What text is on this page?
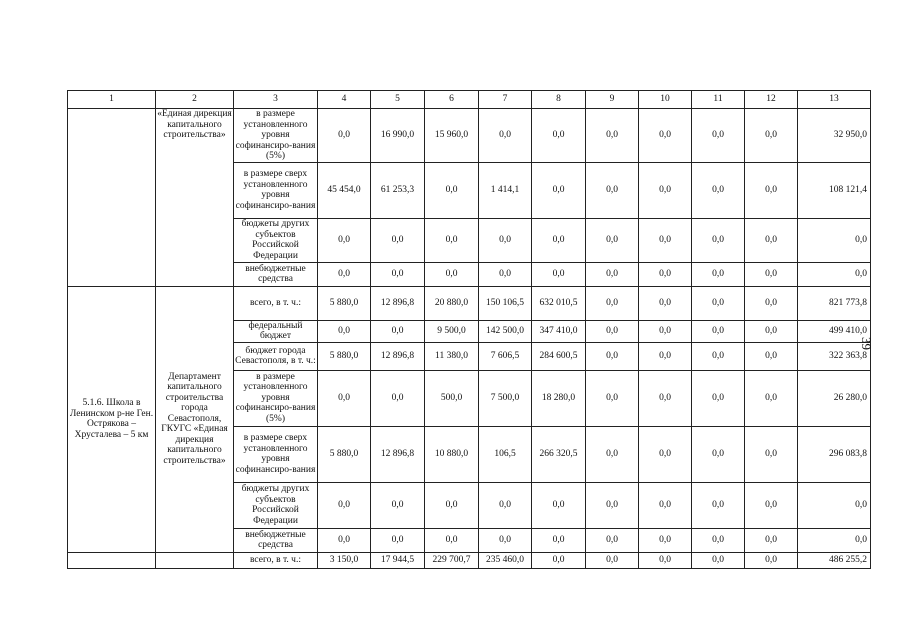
1	2	3	4	5	6	7	8	9	10	11	12	13
	«Единая дирекция капитального строительства»	в размере установленного уровня софинансиро-вания (5%)	0,0	16 990,0	15 960,0	0,0	0,0	0,0	0,0	0,0	0,0	32 950,0
		в размере сверх установленного уровня софинансиро-вания	45 454,0	61 253,3	0,0	1 414,1	0,0	0,0	0,0	0,0	0,0	108 121,4
		бюджеты других субъектов Российской Федерации	0,0	0,0	0,0	0,0	0,0	0,0	0,0	0,0	0,0	0,0
		внебюджетные средства	0,0	0,0	0,0	0,0	0,0	0,0	0,0	0,0	0,0	0,0
5.1.6. Школа в Ленинском р-не Ген. Острякова – Хрусталева – 5 км	Департамент капитального строительства города Севастополя, ГКУГС «Единая дирекция капитального строительства»	всего, в т. ч.:	5 880,0	12 896,8	20 880,0	150 106,5	632 010,5	0,0	0,0	0,0	0,0	821 773,8
		федеральный бюджет	0,0	0,0	9 500,0	142 500,0	347 410,0	0,0	0,0	0,0	0,0	499 410,0
		бюджет города Севастополя, в т. ч.:	5 880,0	12 896,8	11 380,0	7 606,5	284 600,5	0,0	0,0	0,0	0,0	322 363,8
		в размере установленного уровня софинансиро-вания (5%)	0,0	0,0	500,0	7 500,0	18 280,0	0,0	0,0	0,0	0,0	26 280,0
		в размере сверх установленного уровня софинансиро-вания	5 880,0	12 896,8	10 880,0	106,5	266 320,5	0,0	0,0	0,0	0,0	296 083,8
		бюджеты других субъектов Российской Федерации	0,0	0,0	0,0	0,0	0,0	0,0	0,0	0,0	0,0	0,0
		внебюджетные средства	0,0	0,0	0,0	0,0	0,0	0,0	0,0	0,0	0,0	0,0
		всего, в т. ч.:	3 150,0	17 944,5	229 700,7	235 460,0	0,0	0,0	0,0	0,0	0,0	486 255,2
39
